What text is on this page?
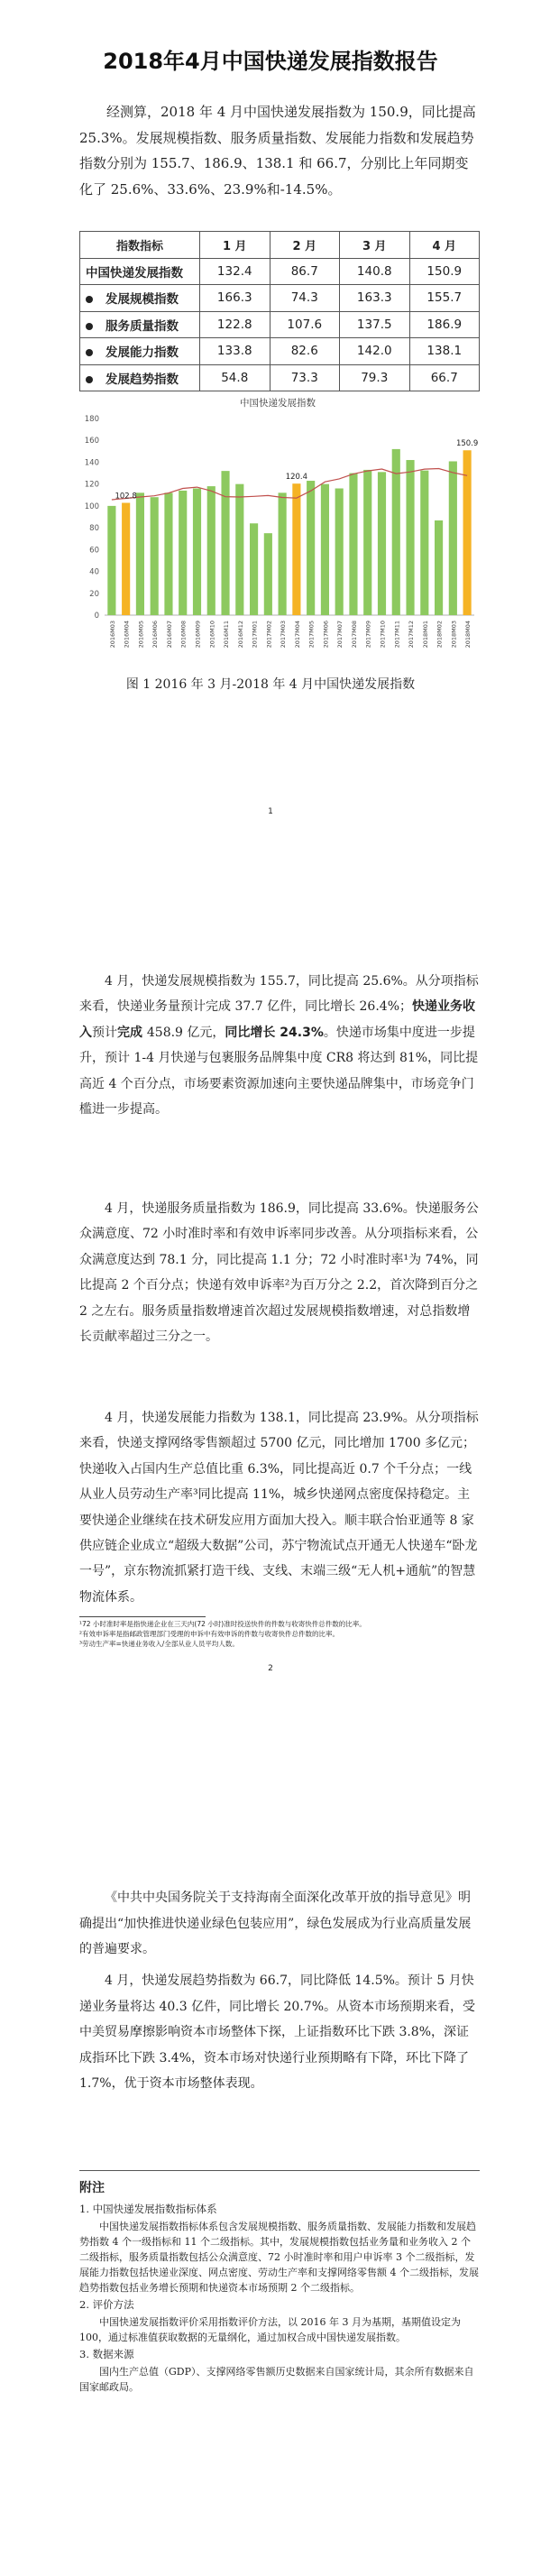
2018年4月中国快递发展指数报告

经测算，2018 年 4 月中国快递发展指数为 150.9，同比提高 25.3%。发展规模指数、服务质量指数、发展能力指数和发展趋势指数分别为 155.7、186.9、138.1 和 66.7，分别比上年同期变化了 25.6%、33.6%、23.9%和-14.5%。

指数指标	1 月	2 月	3 月	4 月
中国快递发展指数	132.4	86.7	140.8	150.9
发展规模指数	166.3	74.3	163.3	155.7
服务质量指数	122.8	107.6	137.5	186.9
发展能力指数	133.8	82.6	142.0	138.1
发展趋势指数	54.8	73.3	79.3	66.7
中国快递发展指数
0
20
40
60
80
100
120
140
160
180
102.8
120.4
150.9
2016M03 2016M04 2016M05 2016M06 2016M07 2016M08 2016M09 2016M10 2016M11 2016M12 2017M01 2017M02 2017M03 2017M04 2017M05 2017M06 2017M07 2017M08 2017M09 2017M10 2017M11 2017M12 2018M01 2018M02 2018M03 2018M04
图 1 2016 年 3 月-2018 年 4 月中国快递发展指数
1

4 月，快递发展规模指数为 155.7，同比提高 25.6%。从分项指标来看，快递业务量预计完成 37.7 亿件，同比增长 26.4%；快递业务收入预计完成 458.9 亿元，同比增长 24.3%。快递市场集中度进一步提升，预计 1-4 月快递与包裹服务品牌集中度 CR8 将达到 81%，同比提高近 4 个百分点，市场要素资源加速向主要快递品牌集中，市场竞争门槛进一步提高。

4 月，快递服务质量指数为 186.9，同比提高 33.6%。快递服务公众满意度、72 小时准时率和有效申诉率同步改善。从分项指标来看，公众满意度达到 78.1 分，同比提高 1.1 分；72 小时准时率¹为 74%，同比提高 2 个百分点；快递有效申诉率²为百万分之 2.2，首次降到百分之 2 之左右。服务质量指数增速首次超过发展规模指数增速，对总指数增长贡献率超过三分之一。

4 月，快递发展能力指数为 138.1，同比提高 23.9%。从分项指标来看，快递支撑网络零售额超过 5700 亿元，同比增加 1700 多亿元；快递收入占国内生产总值比重 6.3%，同比提高近 0.7 个千分点；一线从业人员劳动生产率³同比提高 11%，城乡快递网点密度保持稳定。主要快递企业继续在技术研发应用方面加大投入。顺丰联合怡亚通等 8 家供应链企业成立“超级大数据”公司，苏宁物流试点开通无人快递车“卧龙一号”，京东物流抓紧打造干线、支线、末端三级“无人机+通航”的智慧物流体系。

¹72 小时准时率是指快递企业在三天内(72 小时)准时投送快件的件数与收寄快件总件数的比率。
²有效申诉率是指邮政管理部门受理的申诉中有效申诉的件数与收寄快件总件数的比率。
³劳动生产率=快递业务收入/全部从业人员平均人数。
2

《中共中央国务院关于支持海南全面深化改革开放的指导意见》明确提出“加快推进快递业绿色包装应用”，绿色发展成为行业高质量发展的普遍要求。

4 月，快递发展趋势指数为 66.7，同比降低 14.5%。预计 5 月快递业务量将达 40.3 亿件，同比增长 20.7%。从资本市场预期来看，受中美贸易摩擦影响资本市场整体下探，上证指数环比下跌 3.8%，深证成指环比下跌 3.4%，资本市场对快递行业预期略有下降，环比下降了 1.7%，优于资本市场整体表现。

附注
1. 中国快递发展指数指标体系
中国快递发展指数指标体系包含发展规模指数、服务质量指数、发展能力指数和发展趋势指数 4 个一级指标和 11 个二级指标。其中，发展规模指数包括业务量和业务收入 2 个二级指标，服务质量指数包括公众满意度、72 小时准时率和用户申诉率 3 个二级指标，发展能力指数包括快递业深度、网点密度、劳动生产率和支撑网络零售额 4 个二级指标，发展趋势指数包括业务增长预期和快递资本市场预期 2 个二级指标。
2. 评价方法
中国快递发展指数评价采用指数评价方法，以 2016 年 3 月为基期，基期值设定为 100，通过标准值获取数据的无量纲化，通过加权合成中国快递发展指数。
3. 数据来源
国内生产总值（GDP）、支撑网络零售额历史数据来自国家统计局，其余所有数据来自国家邮政局。
